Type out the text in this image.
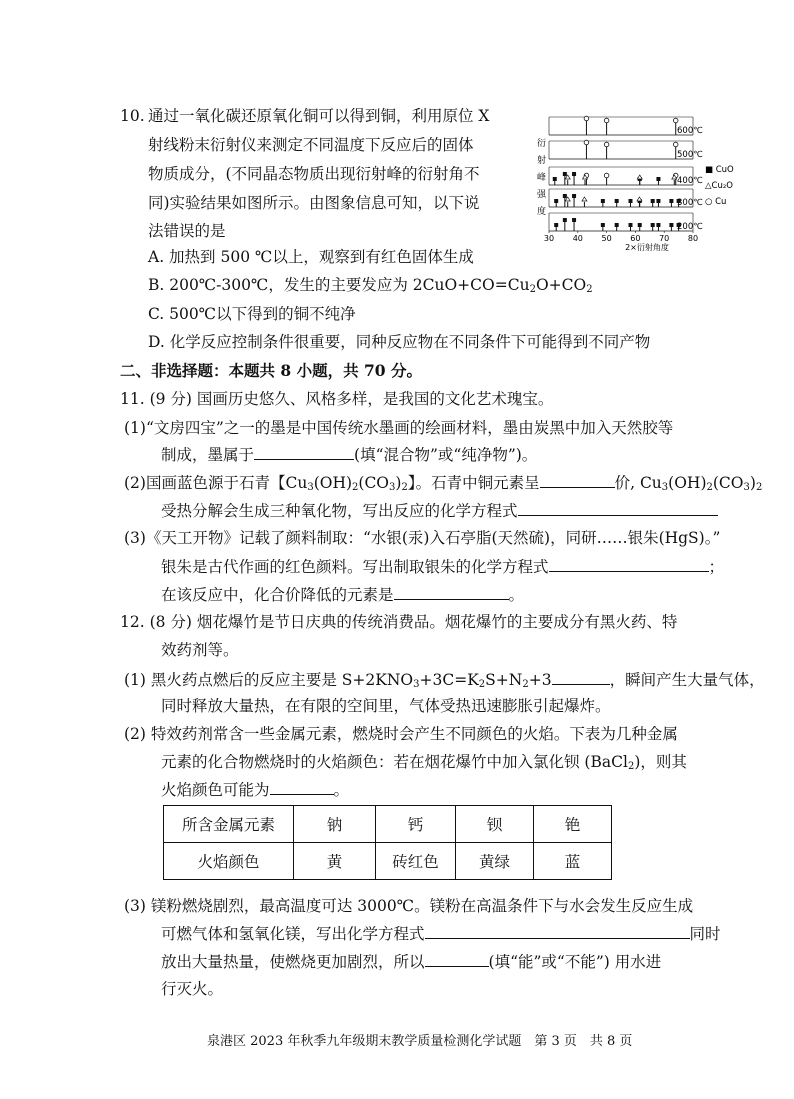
10. 通过一氧化碳还原氧化铜可以得到铜，利用原位 X
射线粉末衍射仪来测定不同温度下反应后的固体
物质成分，(不同晶态物质出现衍射峰的衍射角不
同)实验结果如图所示。由图象信息可知，以下说
法错误的是
A. 加热到 500 ℃以上，观察到有红色固体生成
B. 200℃-300℃，发生的主要发应为 $2CuO+CO=Cu_2O+CO_2$
C. 500℃以下得到的铜不纯净
D. 化学反应控制条件很重要，同种反应物在不同条件下可能得到不同产物
衍
射
峰
强
度
600℃
500℃
400℃
300℃
200℃
30 40 50 60 70 80
■ CuO
△Cu₂O
○ Cu
2×衍射角度
二、非选择题：本题共 8 小题，共 70 分。
11. (9 分) 国画历史悠久、风格多样，是我国的文化艺术瑰宝。
(1)“文房四宝”之一的墨是中国传统水墨画的绘画材料，墨由炭黑中加入天然胶等
制成，墨属于	(填“混合物”或“纯净物”)。
(2)国画蓝色源于石青【$Cu_3(OH)_2(CO_3)_2$】。石青中铜元素呈	价, $Cu_3(OH)_2(CO_3)_2$
受热分解会生成三种氧化物，写出反应的化学方程式
(3)《天工开物》记载了颜料制取：“水银(汞)入石亭脂(天然硫)，同研……银朱(HgS)。”
银朱是古代作画的红色颜料。写出制取银朱的化学方程式	；
在该反应中，化合价降低的元素是	。
12. (8 分) 烟花爆竹是节日庆典的传统消费品。烟花爆竹的主要成分有黑火药、特
效药剂等。
(1) 黑火药点燃后的反应主要是 $S+2KNO_3+3C=K_2S+N_2+3$	，瞬间产生大量气体，
同时释放大量热，在有限的空间里，气体受热迅速膨胀引起爆炸。
(2) 特效药剂常含一些金属元素，燃烧时会产生不同颜色的火焰。下表为几种金属
元素的化合物燃烧时的火焰颜色：若在烟花爆竹中加入氯化钡 (BaCl$_2$)，则其
火焰颜色可能为	。
所含金属元素	钠	钙	钡	铯
火焰颜色	黄	砖红色	黄绿	蓝
(3) 镁粉燃烧剧烈，最高温度可达 3000℃。镁粉在高温条件下与水会发生反应生成
可燃气体和氢氧化镁，写出化学方程式	同时
放出大量热量，使燃烧更加剧烈，所以	(填“能”或“不能”) 用水进
行灭火。
泉港区 2023 年秋季九年级期末教学质量检测化学试题　第 3 页　共 8 页
